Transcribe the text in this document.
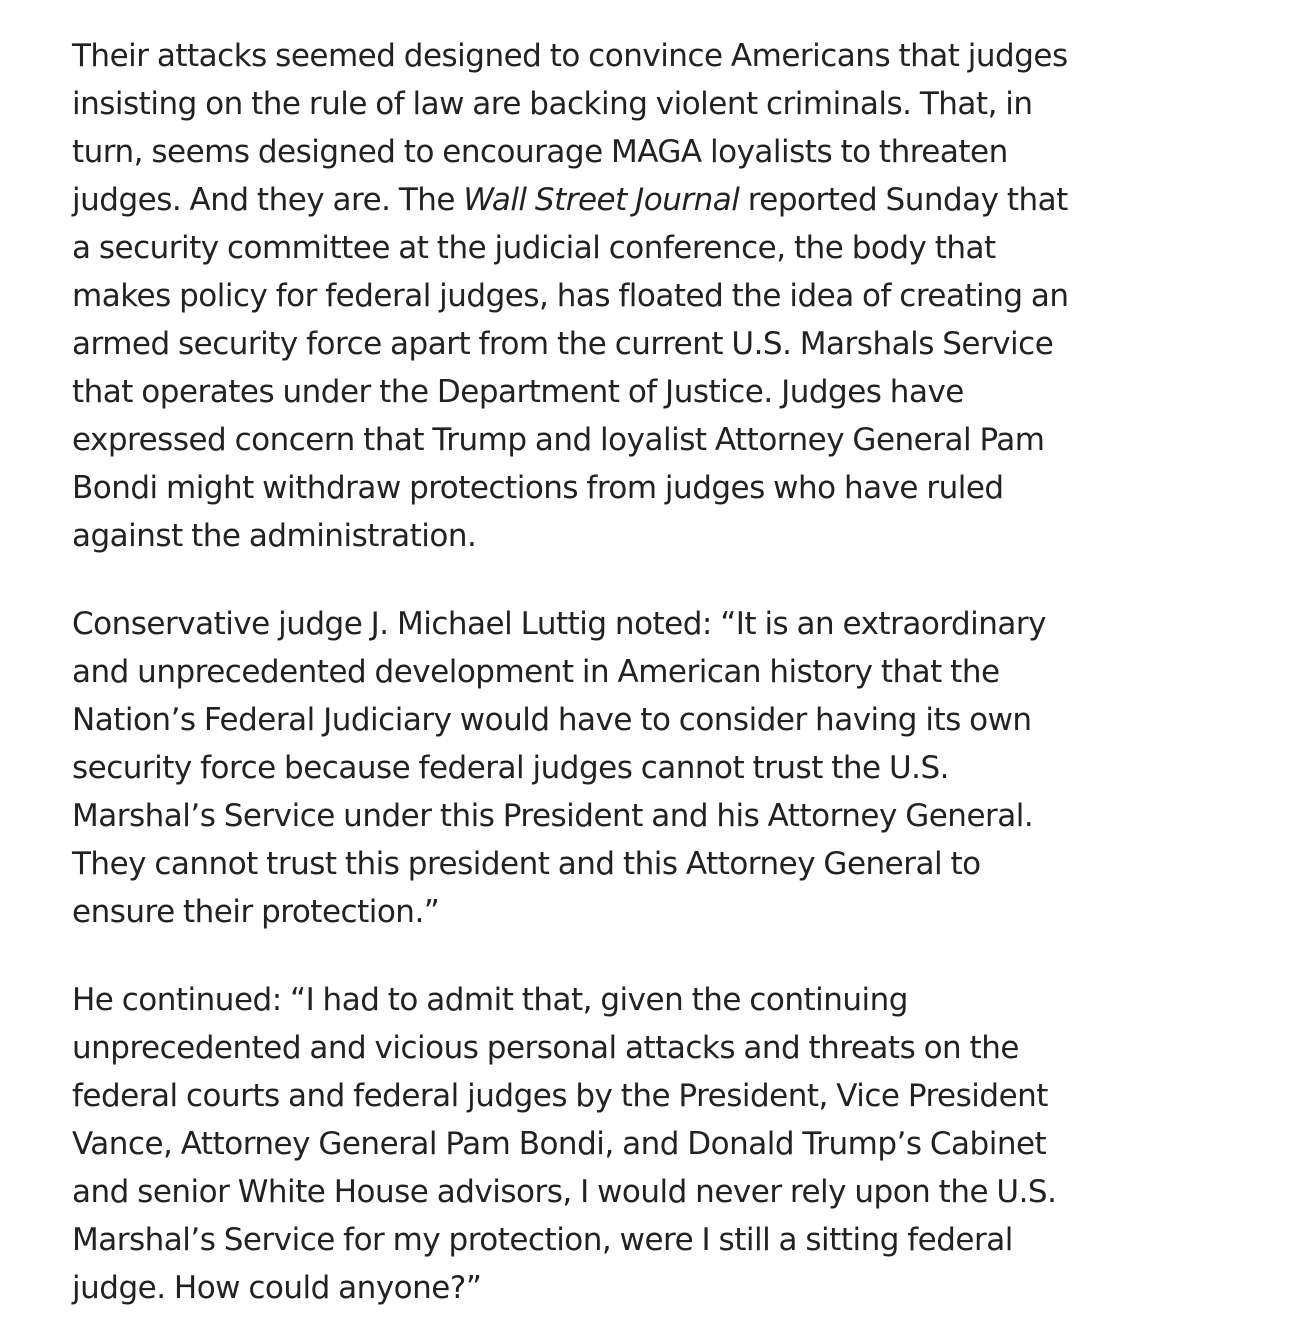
Their attacks seemed designed to convince Americans that judges
insisting on the rule of law are backing violent criminals. That, in
turn, seems designed to encourage MAGA loyalists to threaten
judges. And they are. The Wall Street Journal reported Sunday that
a security committee at the judicial conference, the body that
makes policy for federal judges, has floated the idea of creating an
armed security force apart from the current U.S. Marshals Service
that operates under the Department of Justice. Judges have
expressed concern that Trump and loyalist Attorney General Pam
Bondi might withdraw protections from judges who have ruled
against the administration.

Conservative judge J. Michael Luttig noted: “It is an extraordinary
and unprecedented development in American history that the
Nation’s Federal Judiciary would have to consider having its own
security force because federal judges cannot trust the U.S.
Marshal’s Service under this President and his Attorney General.
They cannot trust this president and this Attorney General to
ensure their protection.”

He continued: “I had to admit that, given the continuing
unprecedented and vicious personal attacks and threats on the
federal courts and federal judges by the President, Vice President
Vance, Attorney General Pam Bondi, and Donald Trump’s Cabinet
and senior White House advisors, I would never rely upon the U.S.
Marshal’s Service for my protection, were I still a sitting federal
judge. How could anyone?”
